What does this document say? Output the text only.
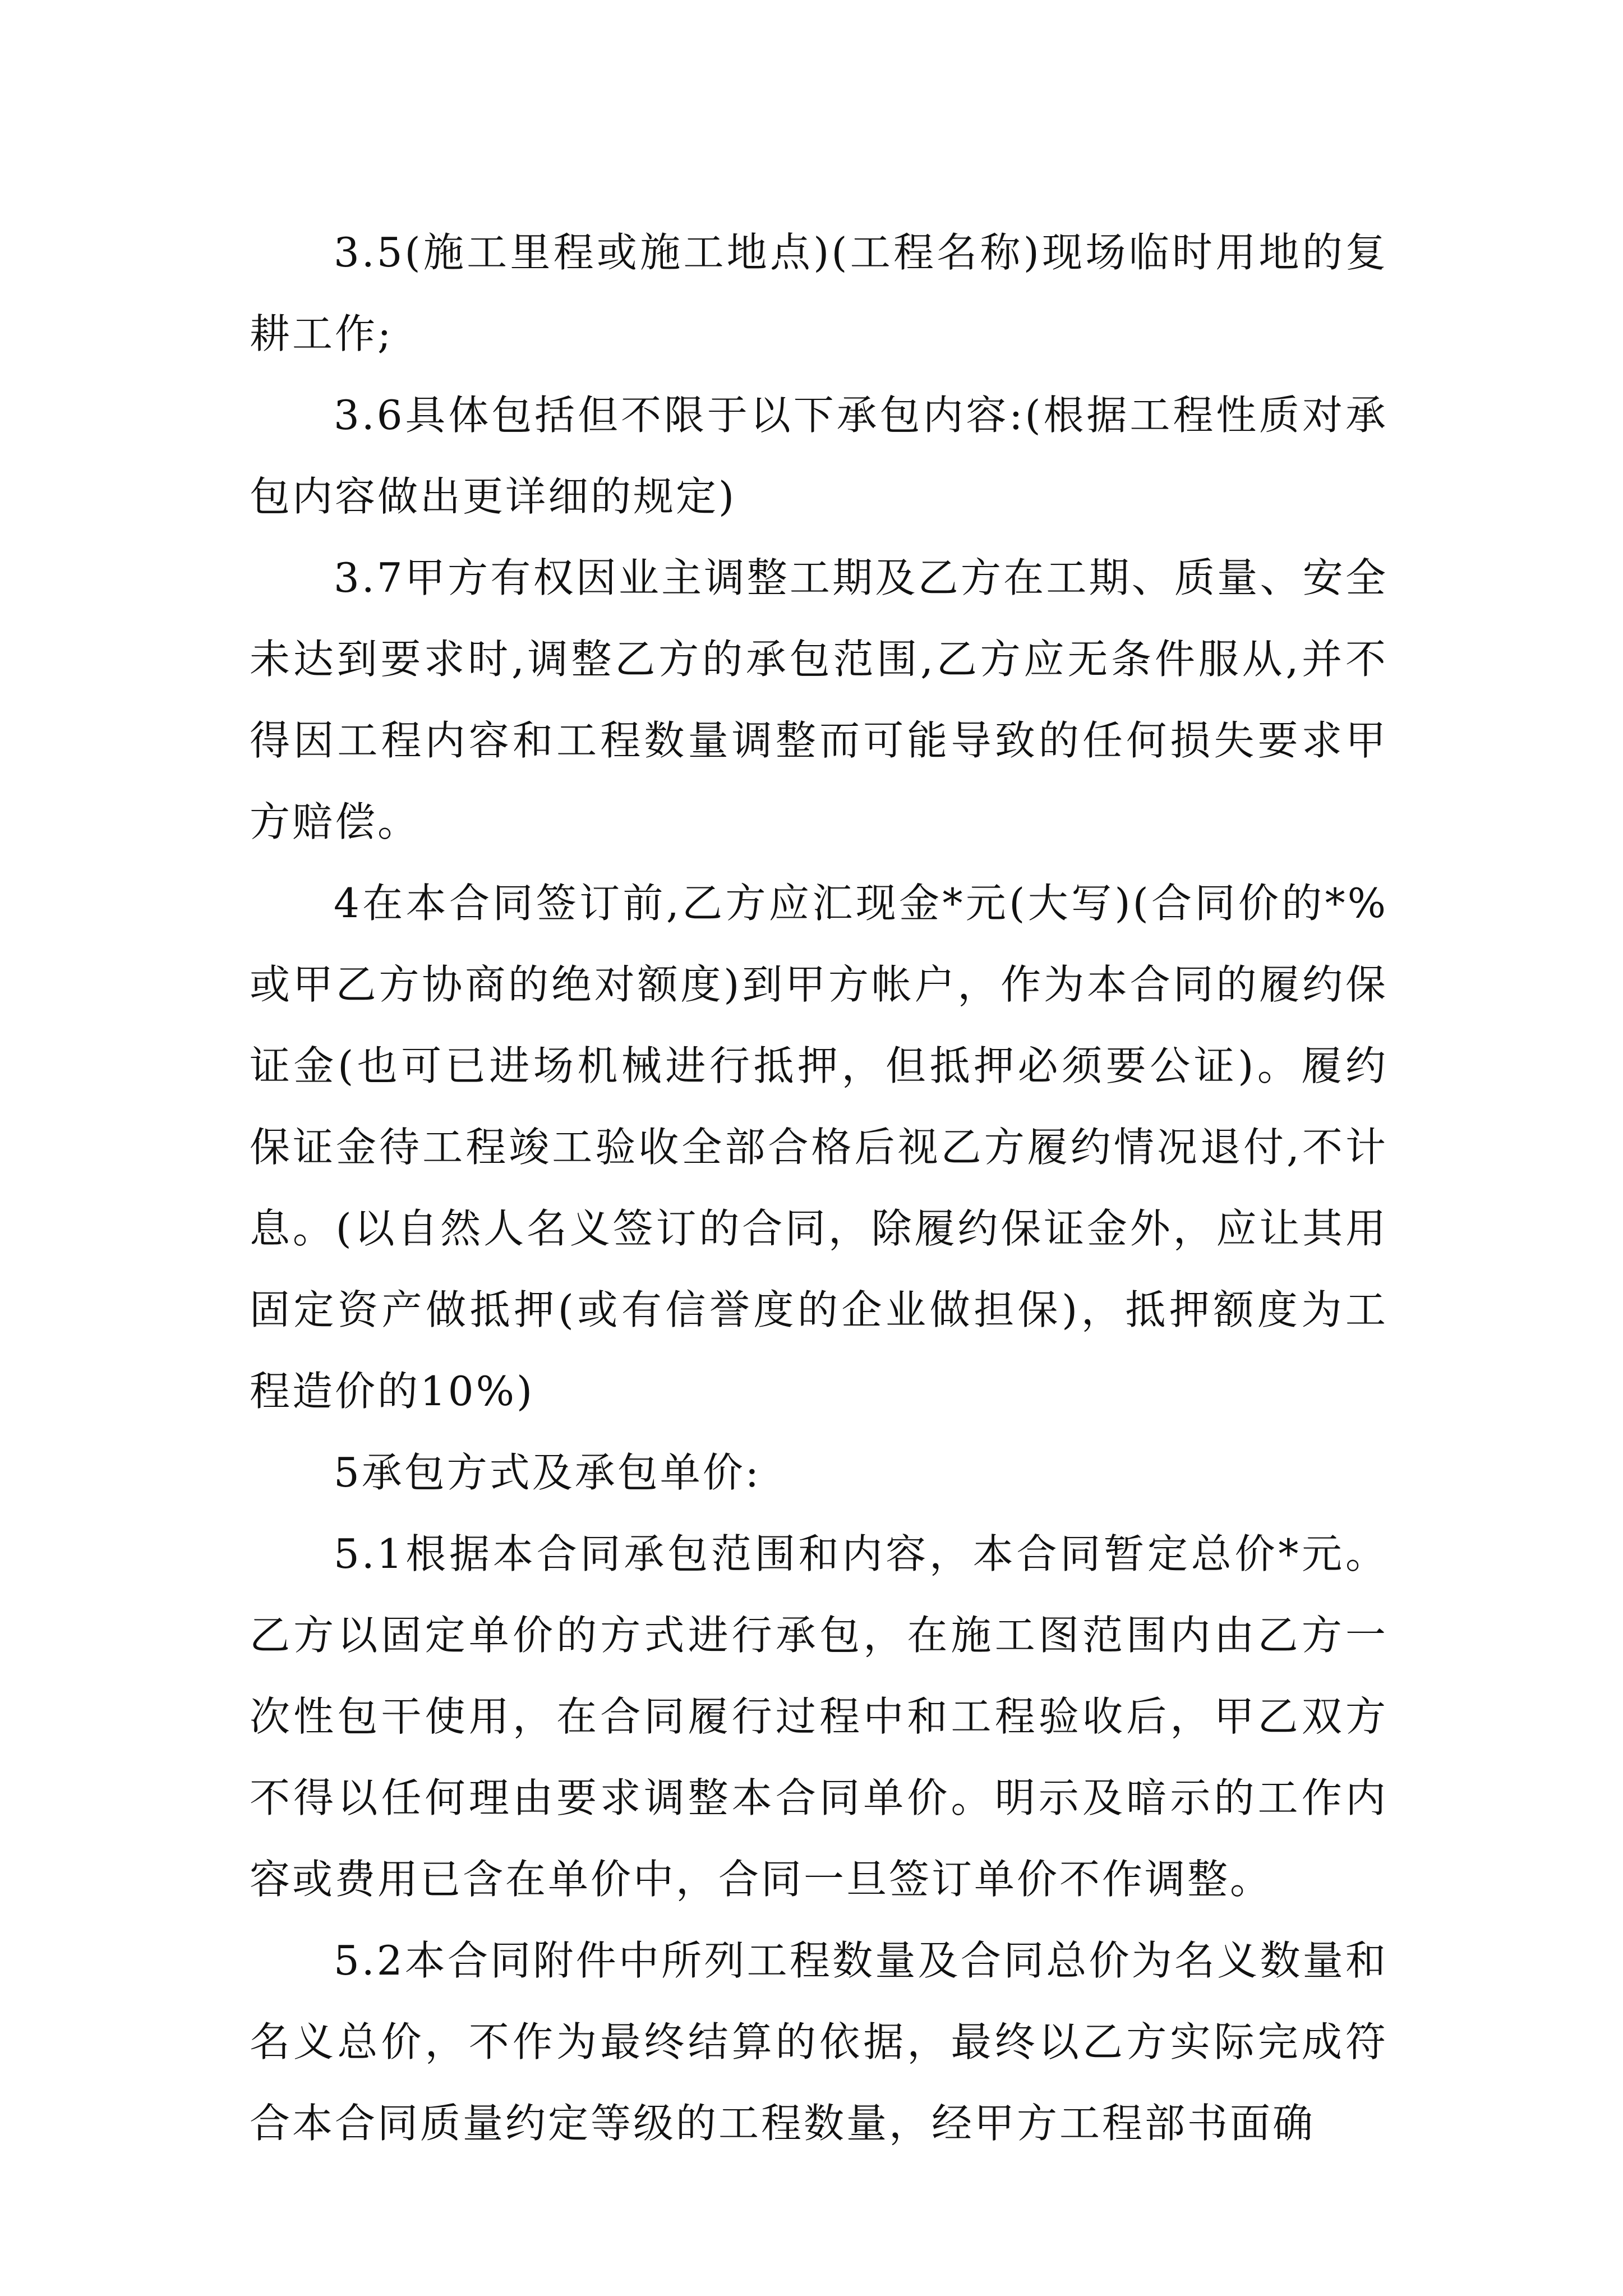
3.5(施工里程或施工地点)(工程名称)现场临时用地的复耕工作;

3.6具体包括但不限于以下承包内容:(根据工程性质对承包内容做出更详细的规定)

3.7甲方有权因业主调整工期及乙方在工期、质量、安全未达到要求时,调整乙方的承包范围,乙方应无条件服从,并不得因工程内容和工程数量调整而可能导致的任何损失要求甲方赔偿。

4在本合同签订前,乙方应汇现金*元(大写)(合同价的*%或甲乙方协商的绝对额度)到甲方帐户，作为本合同的履约保证金(也可已进场机械进行抵押，但抵押必须要公证)。履约保证金待工程竣工验收全部合格后视乙方履约情况退付,不计息。(以自然人名义签订的合同，除履约保证金外，应让其用固定资产做抵押(或有信誉度的企业做担保)，抵押额度为工程造价的10%)

5承包方式及承包单价:

5.1根据本合同承包范围和内容，本合同暂定总价*元。乙方以固定单价的方式进行承包，在施工图范围内由乙方一次性包干使用，在合同履行过程中和工程验收后，甲乙双方不得以任何理由要求调整本合同单价。明示及暗示的工作内容或费用已含在单价中，合同一旦签订单价不作调整。

5.2本合同附件中所列工程数量及合同总价为名义数量和名义总价，不作为最终结算的依据，最终以乙方实际完成符合本合同质量约定等级的工程数量，经甲方工程部书面确
